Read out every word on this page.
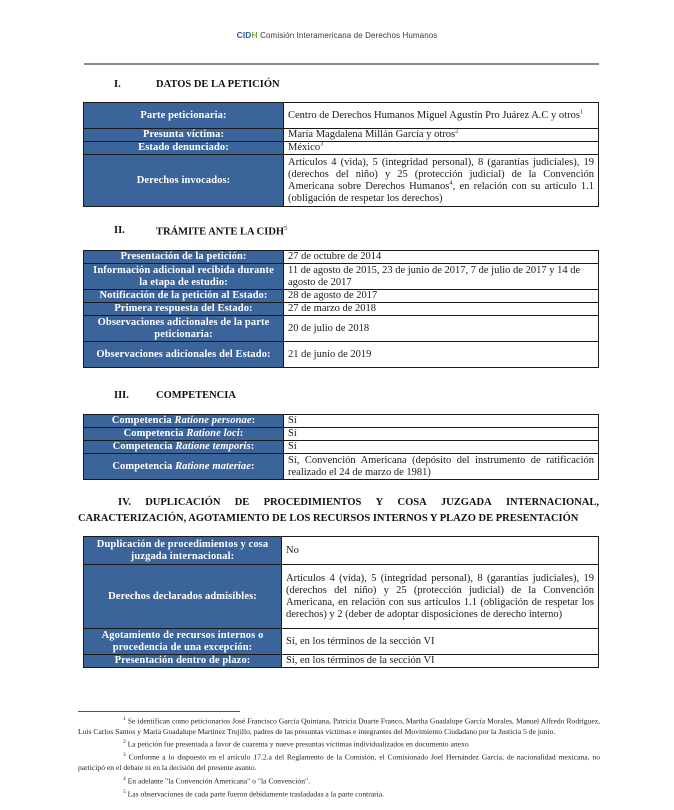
CIDH Comisión Interamericana de Derechos Humanos
I.	DATOS DE LA PETICIÓN
Parte peticionaria:	Centro de Derechos Humanos Miguel Agustín Pro Juárez A.C y otros$^1$
Presunta víctima:	María Magdalena Millán García y otros$^2$
Estado denunciado:	México$^3$
Derechos invocados:	Artículos 4 (vida), 5 (integridad personal), 8 (garantías judiciales), 19 (derechos del niño) y 25 (protección judicial) de la Convención Americana sobre Derechos Humanos$^4$, en relación con su artículo 1.1 (obligación de respetar los derechos)
II.	TRÁMITE ANTE LA CIDH$^5$
Presentación de la petición:	27 de octubre de 2014
Información adicional recibida durante la etapa de estudio:	11 de agosto de 2015, 23 de junio de 2017, 7 de julio de 2017 y 14 de agosto de 2017
Notificación de la petición al Estado:	28 de agosto de 2017
Primera respuesta del Estado:	27 de marzo de 2018
Observaciones adicionales de la parte peticionaria:	20 de julio de 2018
Observaciones adicionales del Estado:	21 de junio de 2019
III.	COMPETENCIA
Competencia Ratione personae:	Sí
Competencia Ratione loci:	Sí
Competencia Ratione temporis:	Sí
Competencia Ratione materiae:	Sí, Convención Americana (depósito del instrumento de ratificación realizado el 24 de marzo de 1981)
IV. DUPLICACIÓN DE PROCEDIMIENTOS Y COSA JUZGADA INTERNACIONAL,
CARACTERIZACIÓN, AGOTAMIENTO DE LOS RECURSOS INTERNOS Y PLAZO DE PRESENTACIÓN
Duplicación de procedimientos y cosa juzgada internacional:	No
Derechos declarados admisibles:	Artículos 4 (vida), 5 (integridad personal), 8 (garantías judiciales), 19 (derechos del niño) y 25 (protección judicial) de la Convención Americana, en relación con sus artículos 1.1 (obligación de respetar los derechos) y 2 (deber de adoptar disposiciones de derecho interno)
Agotamiento de recursos internos o procedencia de una excepción:	Sí, en los términos de la sección VI
Presentación dentro de plazo:	Sí, en los términos de la sección VI

$^1$ Se identifican como peticionarios José Francisco García Quintana, Patricia Duarte Franco, Martha Guadalupe García Morales, Manuel Alfredo Rodríguez, Luis Carlos Santos y María Guadalupe Martínez Trujillo, padres de las presuntas víctimas e integrantes del Movimiento Ciudadano por la Justicia 5 de junio.

$^2$ La petición fue presentada a favor de cuarenta y nueve presuntas víctimas individualizados en documento anexo

$^3$ Conforme a lo dispuesto en el artículo 17.2.a del Reglamento de la Comisión, el Comisionado Joel Hernández García, de nacionalidad mexicana, no participó en el debate ni en la decisión del presente asunto.

$^4$ En adelante "la Convención Americana" o "la Convención".

$^5$ Las observaciones de cada parte fueron debidamente trasladadas a la parte contraria.
